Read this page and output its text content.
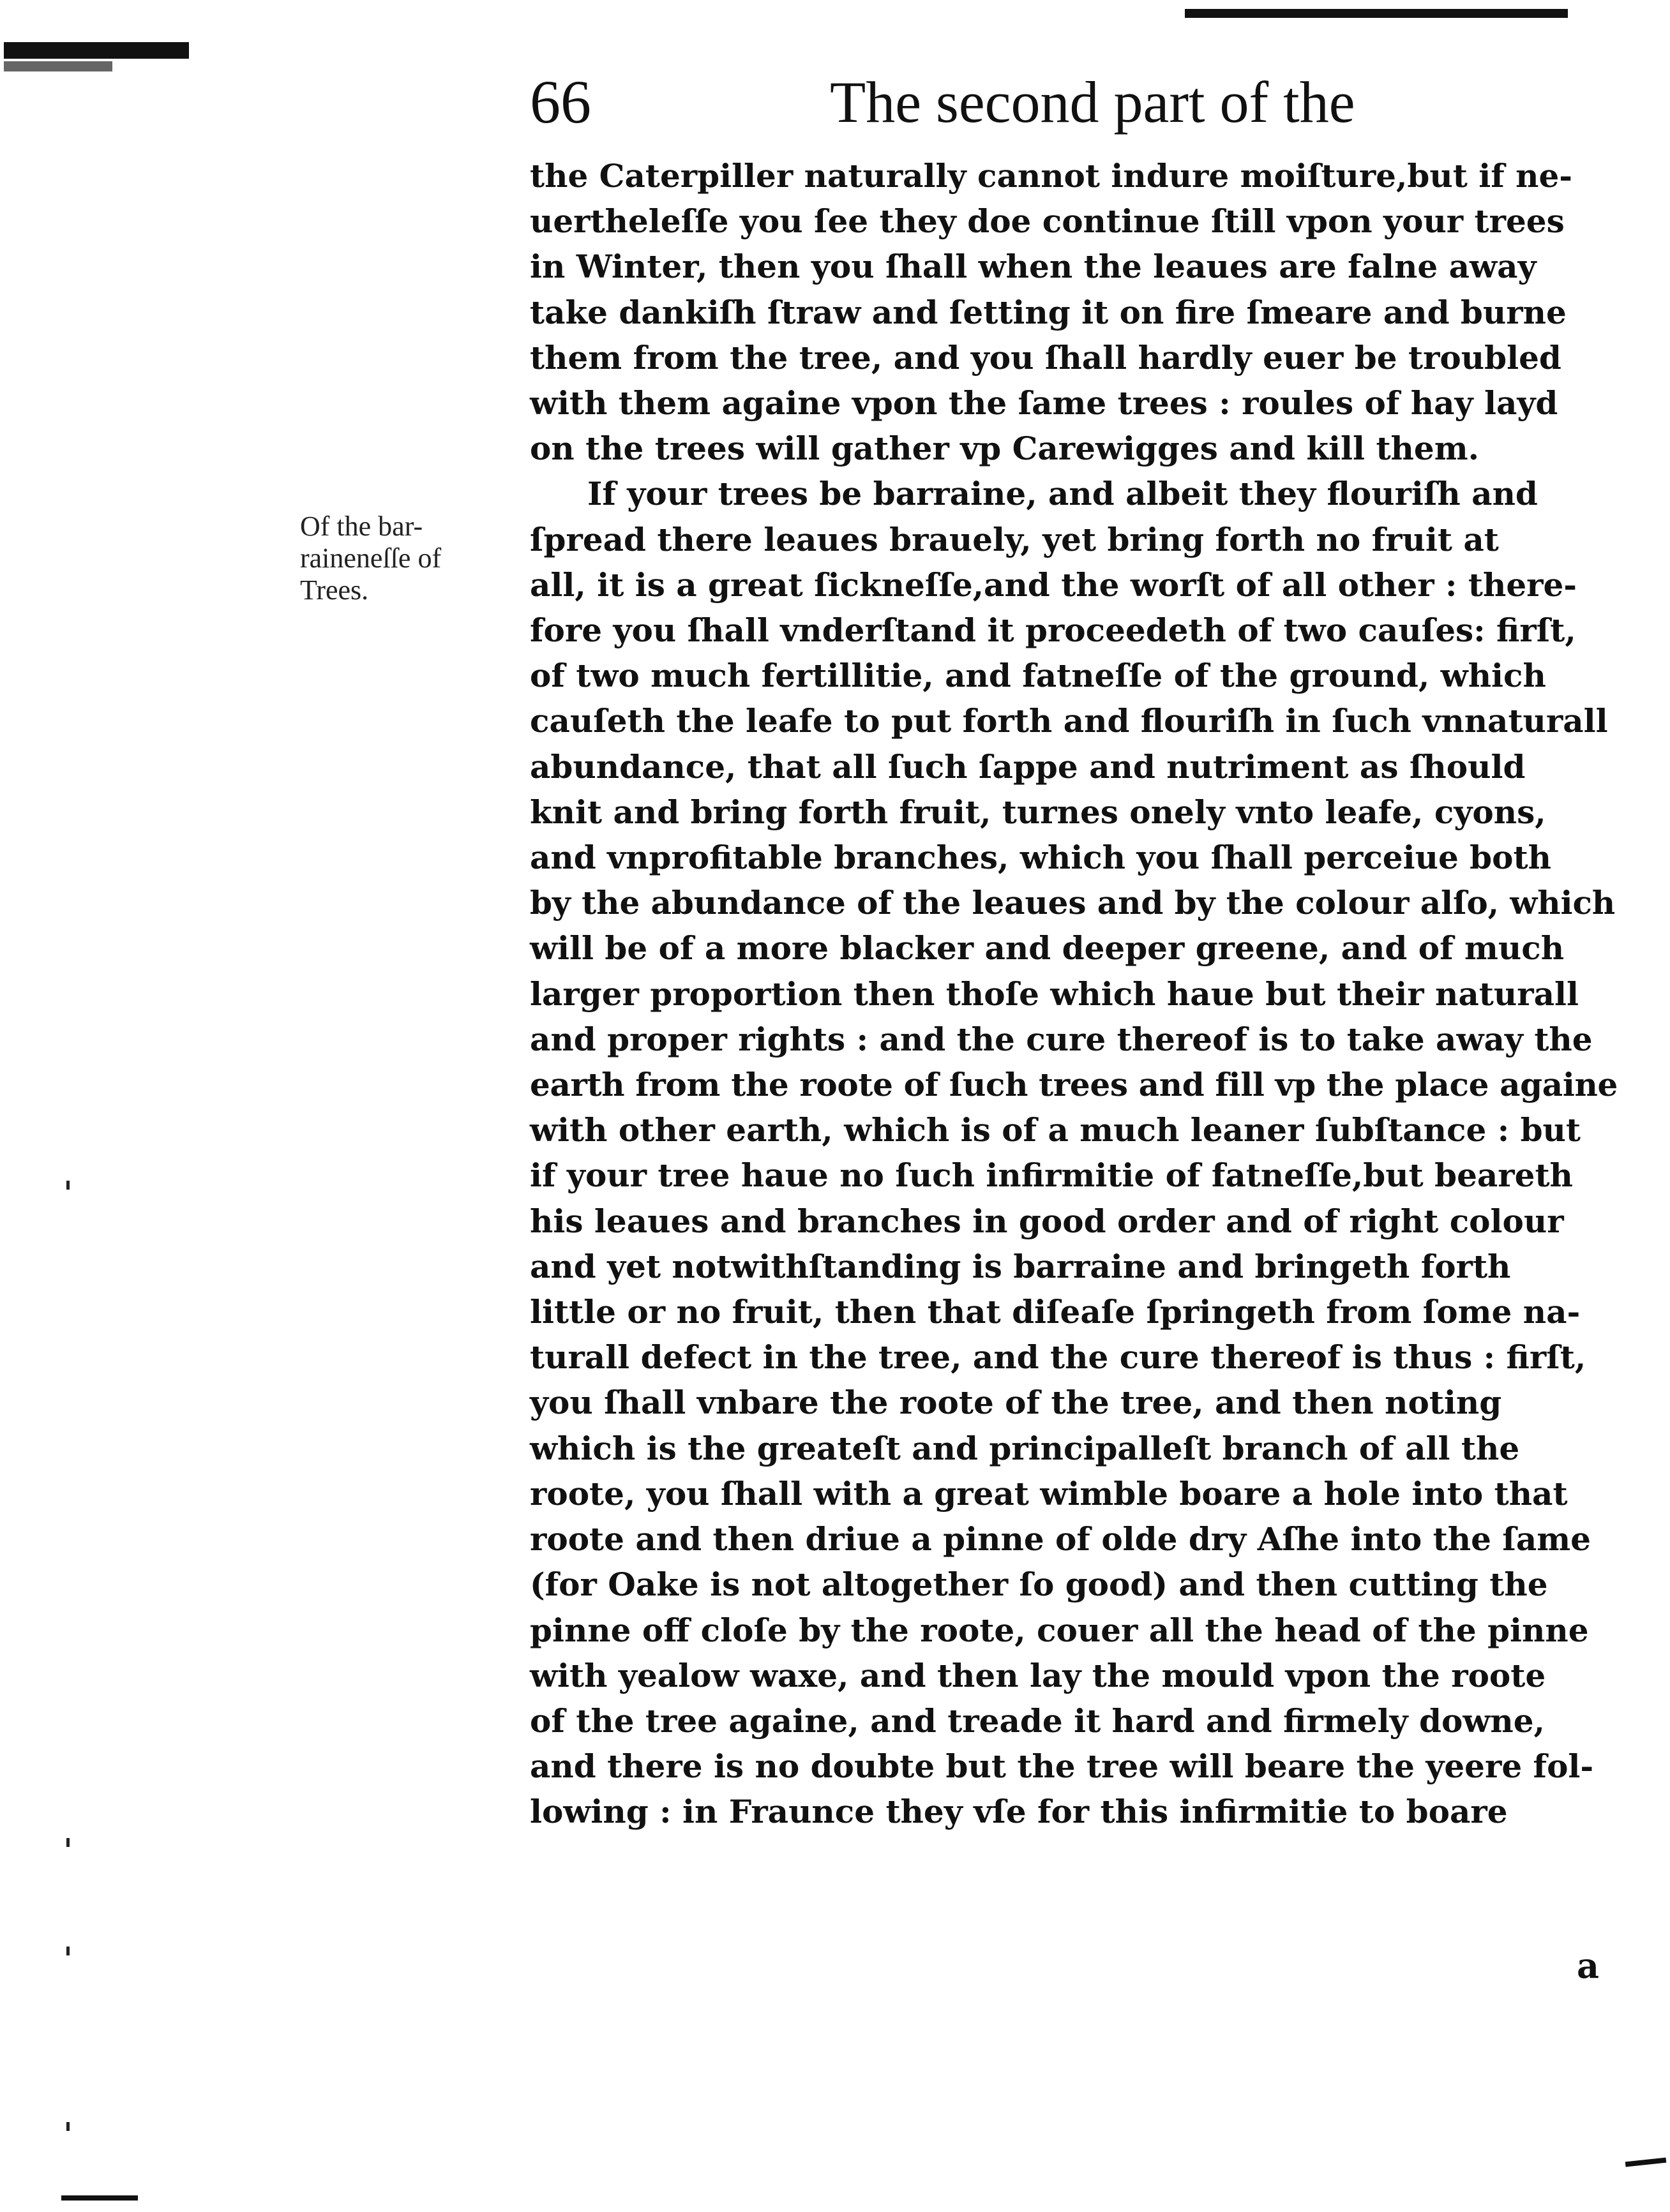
66	The second part of the
Of the bar-
raineneſſe of
Trees.
the Caterpiller naturally cannot indure moiſture,but if ne-
uertheleſſe you ſee they doe continue ſtill vpon your trees
in Winter, then you ſhall when the leaues are falne away
take dankiſh ſtraw and ſetting it on fire ſmeare and burne
them from the tree, and you ſhall hardly euer be troubled
with them againe vpon the ſame trees : roules of hay layd
on the trees will gather vp Carewigges and kill them.
If your trees be barraine, and albeit they flouriſh and
ſpread there leaues brauely, yet bring forth no fruit at
all, it is a great ſickneſſe,and the worſt of all other : there-
fore you ſhall vnderſtand it proceedeth of two cauſes: firſt,
of two much fertillitie, and fatneſſe of the ground, which
cauſeth the leafe to put forth and flouriſh in ſuch vnnaturall
abundance, that all ſuch ſappe and nutriment as ſhould
knit and bring forth fruit, turnes onely vnto leafe, cyons,
and vnprofitable branches, which you ſhall perceiue both
by the abundance of the leaues and by the colour alſo, which
will be of a more blacker and deeper greene, and of much
larger proportion then thoſe which haue but their naturall
and proper rights : and the cure thereof is to take away the
earth from the roote of ſuch trees and fill vp the place againe
with other earth, which is of a much leaner ſubſtance : but
if your tree haue no ſuch infirmitie of fatneſſe,but beareth
his leaues and branches in good order and of right colour
and yet notwithſtanding is barraine and bringeth forth
little or no fruit, then that diſeaſe ſpringeth from ſome na-
turall defect in the tree, and the cure thereof is thus : firſt,
you ſhall vnbare the roote of the tree, and then noting
which is the greateſt and principalleſt branch of all the
roote, you ſhall with a great wimble boare a hole into that
roote and then driue a pinne of olde dry Aſhe into the ſame
(for Oake is not altogether ſo good) and then cutting the
pinne off cloſe by the roote, couer all the head of the pinne
with yealow waxe, and then lay the mould vpon the roote
of the tree againe, and treade it hard and firmely downe,
and there is no doubte but the tree will beare the yeere fol-
lowing : in Fraunce they vſe for this infirmitie to boare
a
